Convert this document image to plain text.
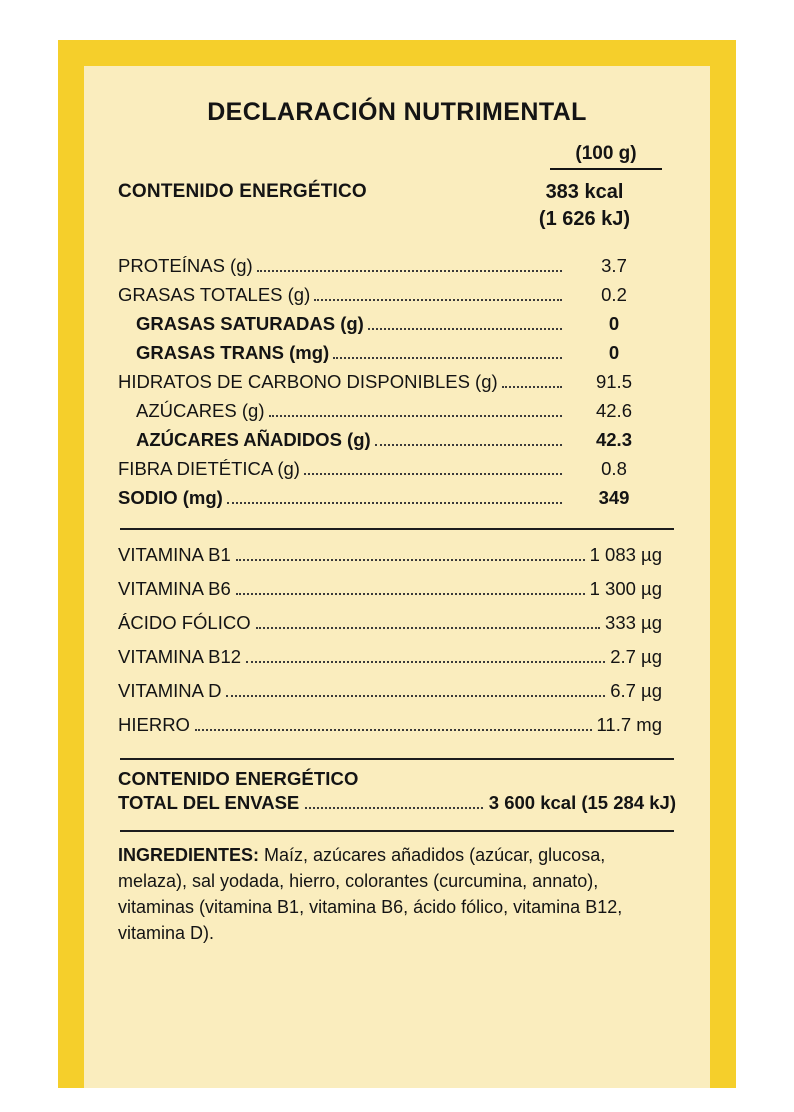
DECLARACIÓN NUTRIMENTAL
(100 g)
CONTENIDO ENERGÉTICO	383 kcal
(1 626 kJ)
PROTEÍNAS (g)	3.7
GRASAS TOTALES (g)	0.2
GRASAS SATURADAS (g)	0
GRASAS TRANS (mg)	0
HIDRATOS DE CARBONO DISPONIBLES (g)	91.5
AZÚCARES (g)	42.6
AZÚCARES AÑADIDOS (g)	42.3
FIBRA DIETÉTICA (g)	0.8
SODIO (mg)	349
VITAMINA B1	1 083 µg
VITAMINA B6	1 300 µg
ÁCIDO FÓLICO	333 µg
VITAMINA B12	2.7 µg
VITAMINA D	6.7 µg
HIERRO	11.7 mg
CONTENIDO ENERGÉTICO
TOTAL DEL ENVASE	3 600 kcal (15 284 kJ)
INGREDIENTES: Maíz, azúcares añadidos (azúcar, glucosa, melaza), sal yodada, hierro, colorantes (curcumina, annato), vitaminas (vitamina B1, vitamina B6, ácido fólico, vitamina B12, vitamina D).
